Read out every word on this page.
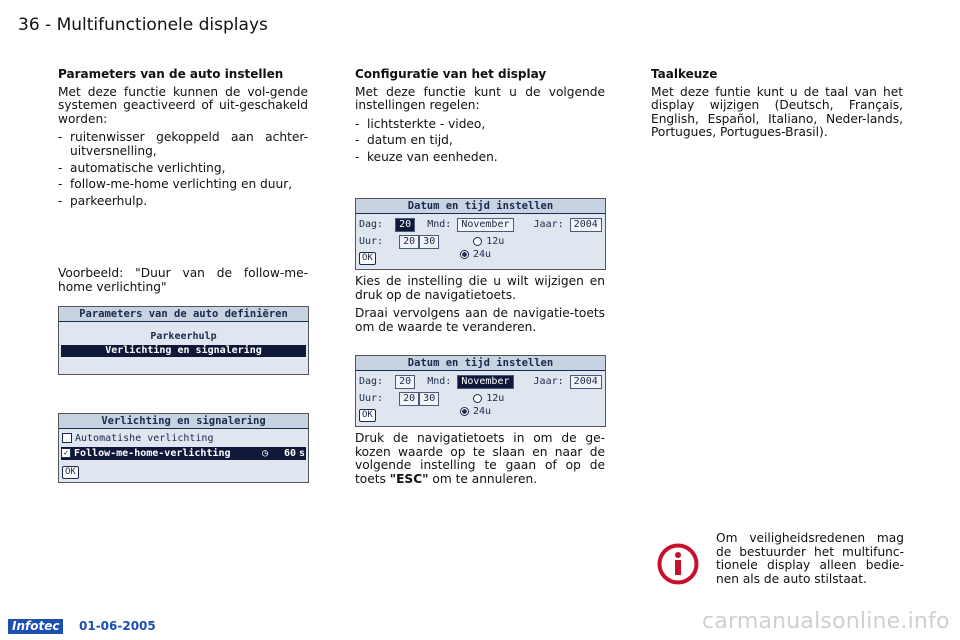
36 - Multifunctionele displays
Parameters van de auto instellen

Met deze functie kunnen de vol-gende systemen geactiveerd of uit-geschakeld worden:

- ruitenwisser gekoppeld aan achter-uitversnelling,
- automatische verlichting,
- follow-me-home verlichting en duur,
- parkeerhulp.

Voorbeeld: "Duur van de follow-me-home verlichting"

Parameters van de auto definiëren
Parkeerhulp
Verlichting en signalering
Verlichting en signalering
Automatishe verlichting
✓ Follow-me-home-verlichting	◷ 60 s
OK
Configuratie van het display

Met deze functie kunt u de volgende instellingen regelen:

- lichtsterkte - video,
- datum en tijd,
- keuze van eenheden.
Datum en tijd instellen
Dag: 20 Mnd: November Jaar: 2004
Uur: 20 30	12u
24u
OK

Kies de instelling die u wilt wijzigen en druk op de navigatietoets.

Draai vervolgens aan de navigatie-toets om de waarde te veranderen.

Datum en tijd instellen
Dag: 20 Mnd: November Jaar: 2004
Uur: 20 30	12u
24u
OK

Druk de navigatietoets in om de ge-kozen waarde op te slaan en naar de volgende instelling te gaan of op de toets "ESC" om te annuleren.

Taalkeuze

Met deze funtie kunt u de taal van het display wijzigen (Deutsch, Français, English, Español, Italiano, Neder-lands, Portugues, Portugues-Brasil).

Om veiligheidsredenen mag de bestuurder het multifunc-tionele display alleen bedie-nen als de auto stilstaat.

Infotec	01-06-2005	carmanualsonline.info
